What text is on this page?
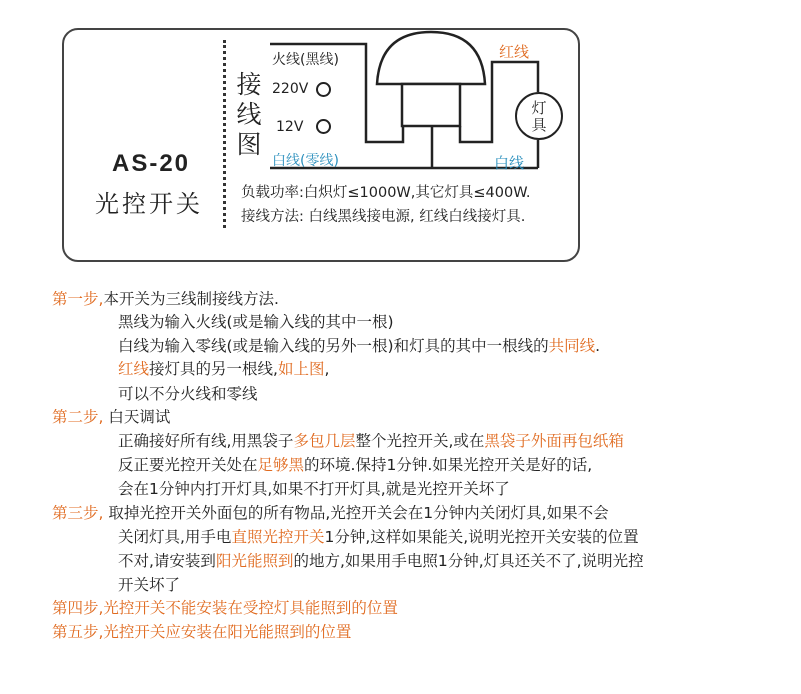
AS-20
光控开关
接
线
图
火线(黑线)
220V
12V
白线(零线)
红线
白线
灯
具
负载功率:白炽灯≤1000W,其它灯具≤400W.
接线方法: 白线黑线接电源, 红线白线接灯具.
第一步,本开关为三线制接线方法.
黑线为输入火线(或是输入线的其中一根)
白线为输入零线(或是输入线的另外一根)和灯具的其中一根线的共同线.
红线接灯具的另一根线,如上图,
可以不分火线和零线
第二步, 白天调试
正确接好所有线,用黑袋子多包几层整个光控开关,或在黑袋子外面再包纸箱
反正要光控开关处在足够黑的环境.保持1分钟.如果光控开关是好的话,
会在1分钟内打开灯具,如果不打开灯具,就是光控开关坏了
第三步, 取掉光控开关外面包的所有物品,光控开关会在1分钟内关闭灯具,如果不会
关闭灯具,用手电直照光控开关1分钟,这样如果能关,说明光控开关安装的位置
不对,请安装到阳光能照到的地方,如果用手电照1分钟,灯具还关不了,说明光控
开关坏了
第四步,光控开关不能安装在受控灯具能照到的位置
第五步,光控开关应安装在阳光能照到的位置
